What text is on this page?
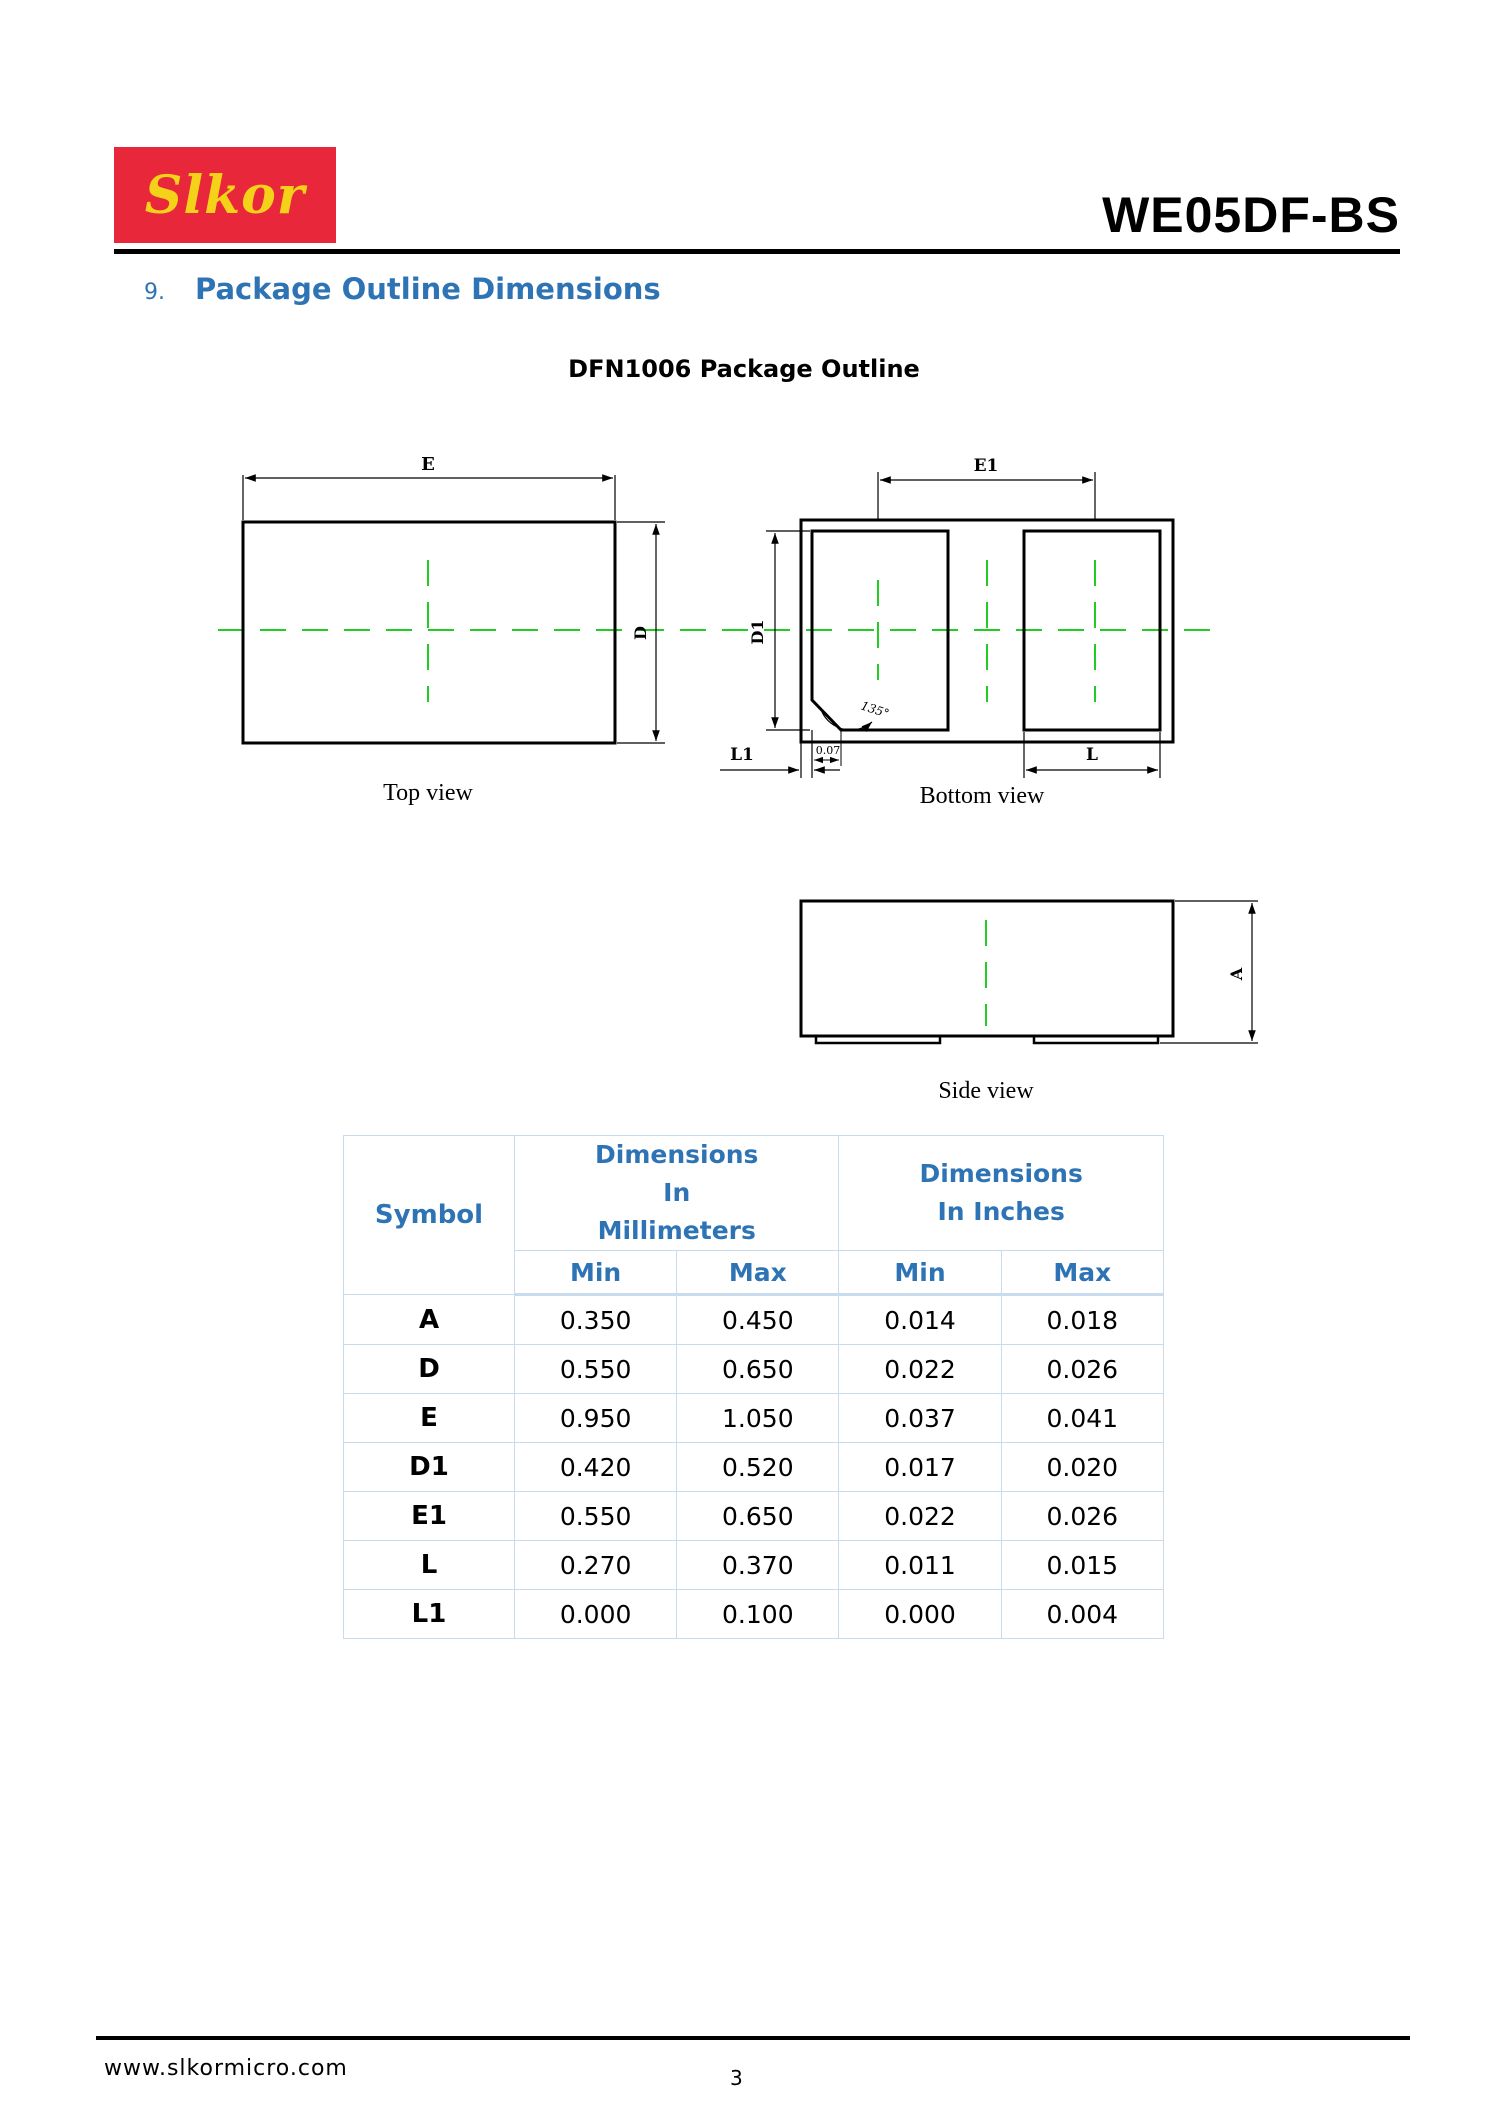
Slkor	WE05DF-BS
9. Package Outline Dimensions
DFN1006 Package Outline
E
D
Top view
E1
D1
L1	0.07
135°
L
Bottom view
A
Side view
Symbol	Dimensions In Millimeters		Dimensions In Inches	
	Min	Max	Min	Max
A	0.350	0.450	0.014	0.018
D	0.550	0.650	0.022	0.026
E	0.950	1.050	0.037	0.041
D1	0.420	0.520	0.017	0.020
E1	0.550	0.650	0.022	0.026
L	0.270	0.370	0.011	0.015
L1	0.000	0.100	0.000	0.004
www.slkormicro.com	3
